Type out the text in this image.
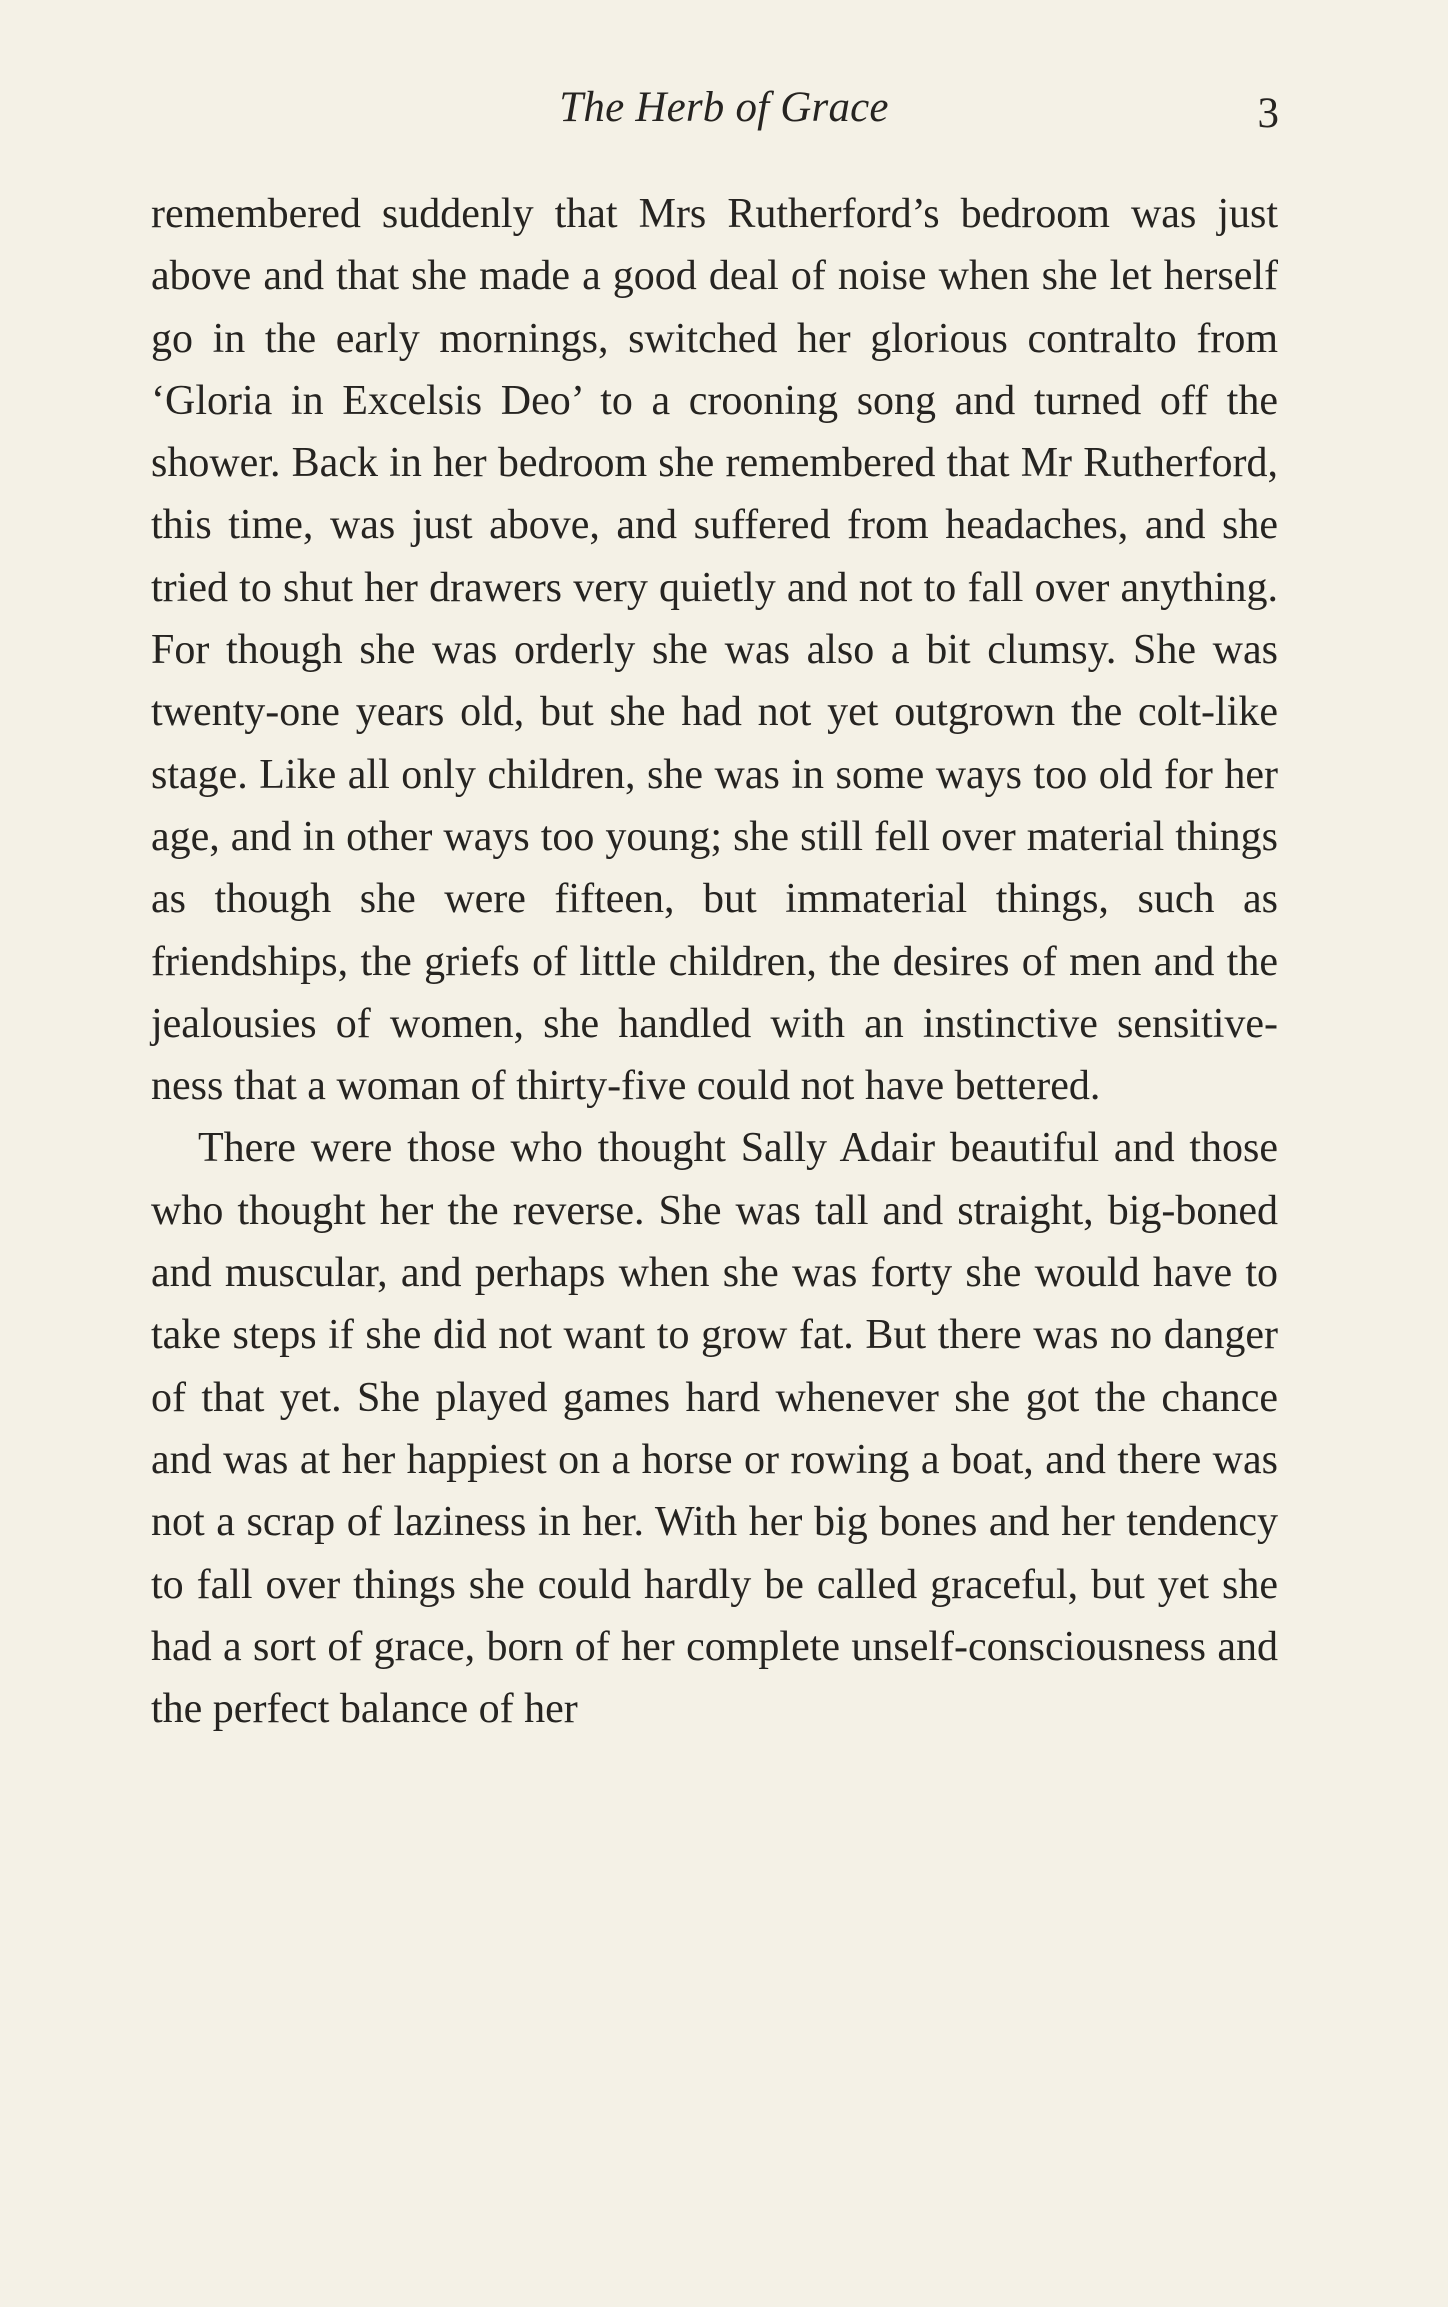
The Herb of Grace	3

remembered suddenly that Mrs Rutherford’s bedroom was just above and that she made a good deal of noise when she let herself go in the early mornings, switched her glorious contralto from ‘Gloria in Excelsis Deo’ to a crooning song and turned off the shower. Back in her bedroom she remembered that Mr Rutherford, this time, was just above, and suffered from headaches, and she tried to shut her drawers very quietly and not to fall over anything. For though she was orderly she was also a bit clumsy. She was twenty-one years old, but she had not yet outgrown the colt-like stage. Like all only children, she was in some ways too old for her age, and in other ways too young; she still fell over material things as though she were fifteen, but immaterial things, such as friendships, the griefs of little children, the desires of men and the jealousies of women, she handled with an instinctive sensitive-ness that a woman of thirty-five could not have bettered.

There were those who thought Sally Adair beautiful and those who thought her the reverse. She was tall and straight, big-boned and muscular, and perhaps when she was forty she would have to take steps if she did not want to grow fat. But there was no danger of that yet. She played games hard whenever she got the chance and was at her happiest on a horse or rowing a boat, and there was not a scrap of laziness in her. With her big bones and her tendency to fall over things she could hardly be called graceful, but yet she had a sort of grace, born of her complete unself-consciousness and the perfect balance of her
